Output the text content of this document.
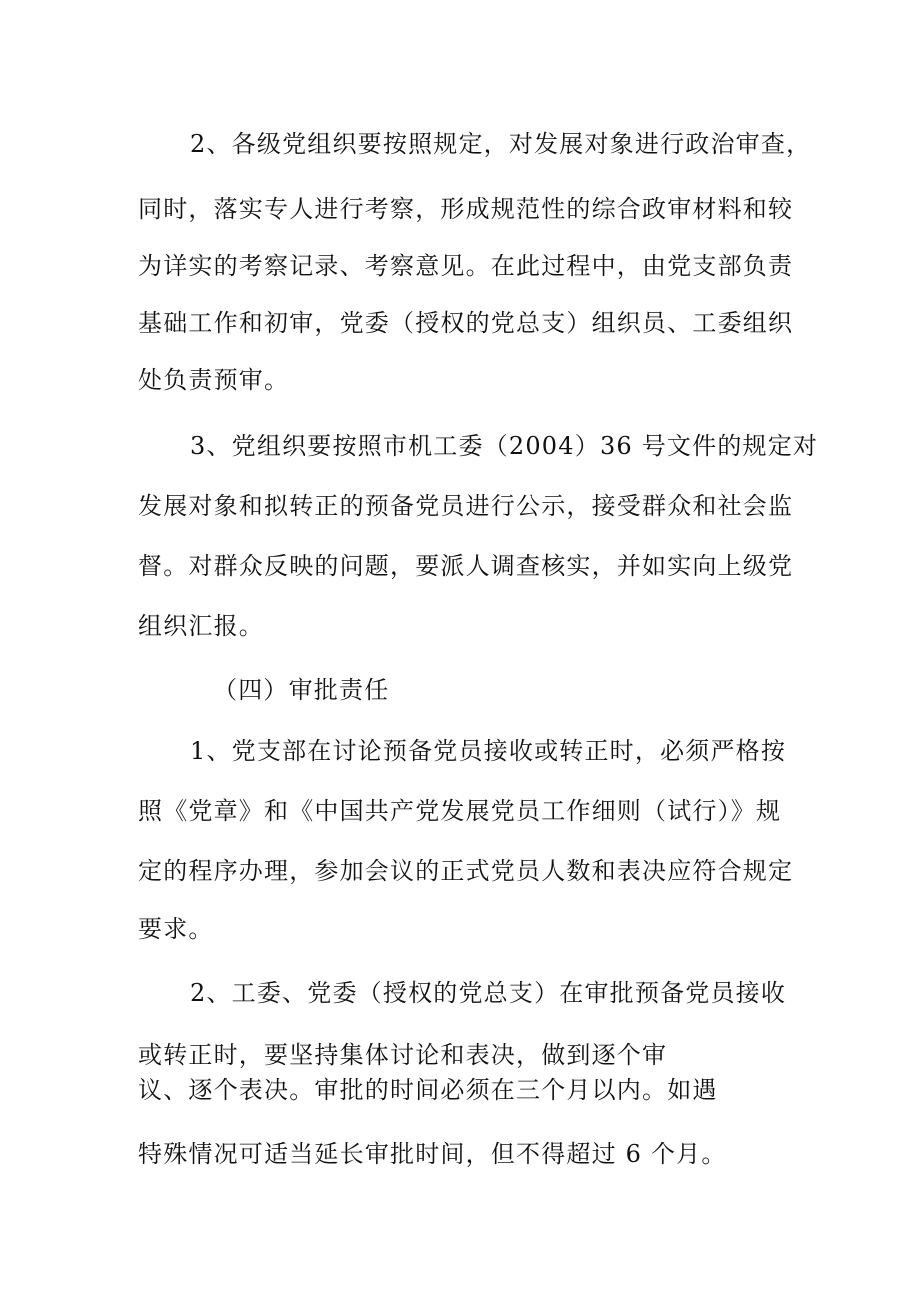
2、各级党组织要按照规定，对发展对象进行政治审查，
同时，落实专人进行考察，形成规范性的综合政审材料和较
为详实的考察记录、考察意见。在此过程中，由党支部负责
基础工作和初审，党委（授权的党总支）组织员、工委组织
处负责预审。
3、党组织要按照市机工委（2004）36 号文件的规定对
发展对象和拟转正的预备党员进行公示，接受群众和社会监
督。对群众反映的问题，要派人调查核实，并如实向上级党
组织汇报。
（四）审批责任
1、党支部在讨论预备党员接收或转正时，必须严格按
照《党章》和《中国共产党发展党员工作细则（试行）》规
定的程序办理，参加会议的正式党员人数和表决应符合规定
要求。
2、工委、党委（授权的党总支）在审批预备党员接收
或转正时，要坚持集体讨论和表决，做到逐个审
议、逐个表决。审批的时间必须在三个月以内。如遇
特殊情况可适当延长审批时间，但不得超过 6 个月。
